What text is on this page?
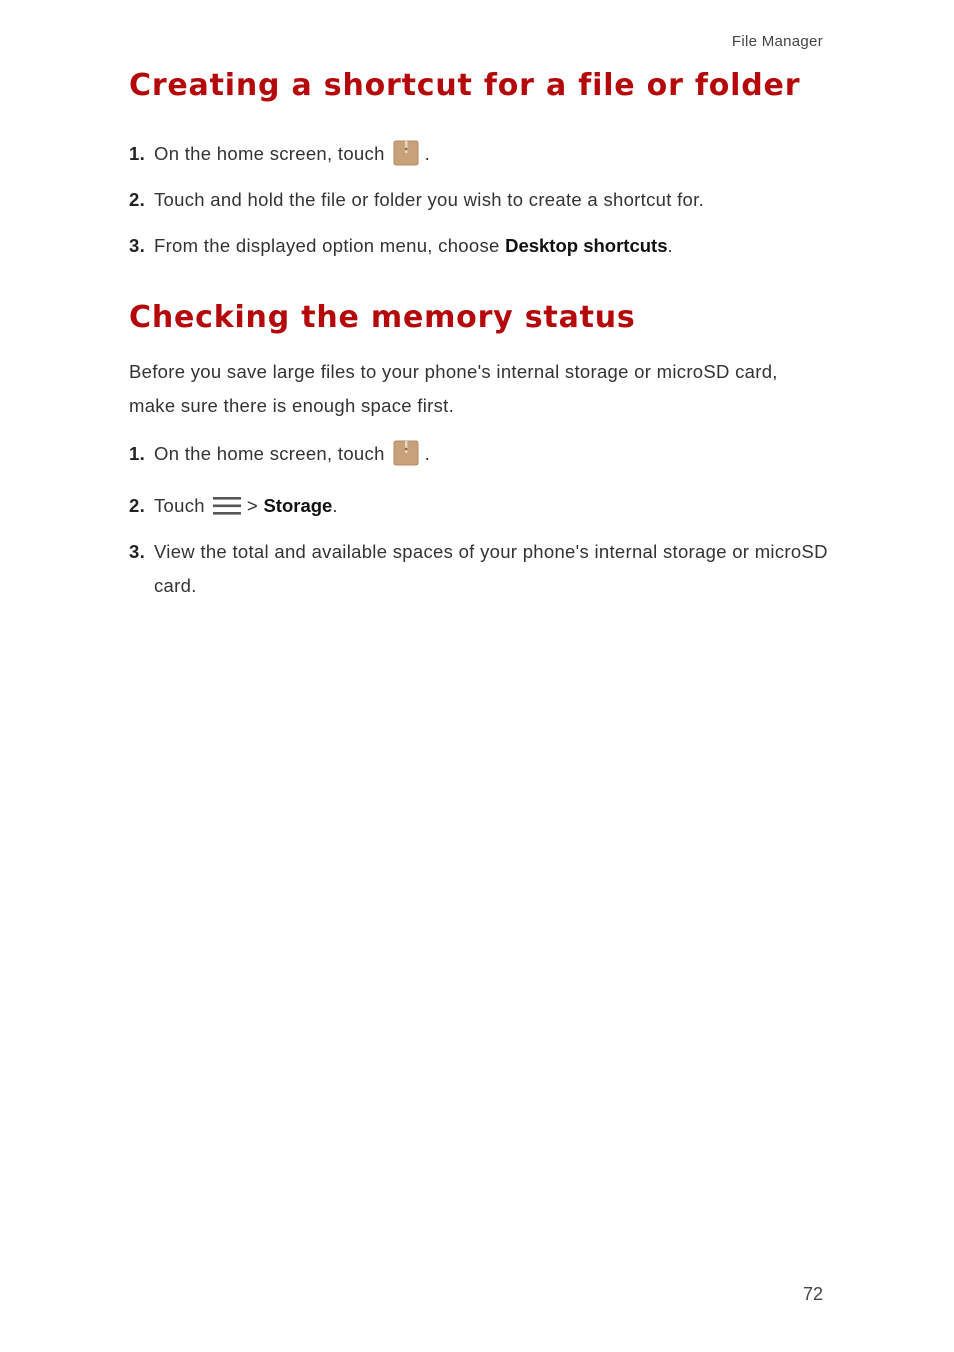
File Manager
Creating a shortcut for a file or folder
1. On the home screen, touch .
2. Touch and hold the file or folder you wish to create a shortcut for.
3. From the displayed option menu, choose Desktop shortcuts.
Checking the memory status
Before you save large files to your phone's internal storage or microSD card, make sure there is enough space first.
1. On the home screen, touch .
2. Touch > Storage.
3. View the total and available spaces of your phone's internal storage or microSD card.
72
